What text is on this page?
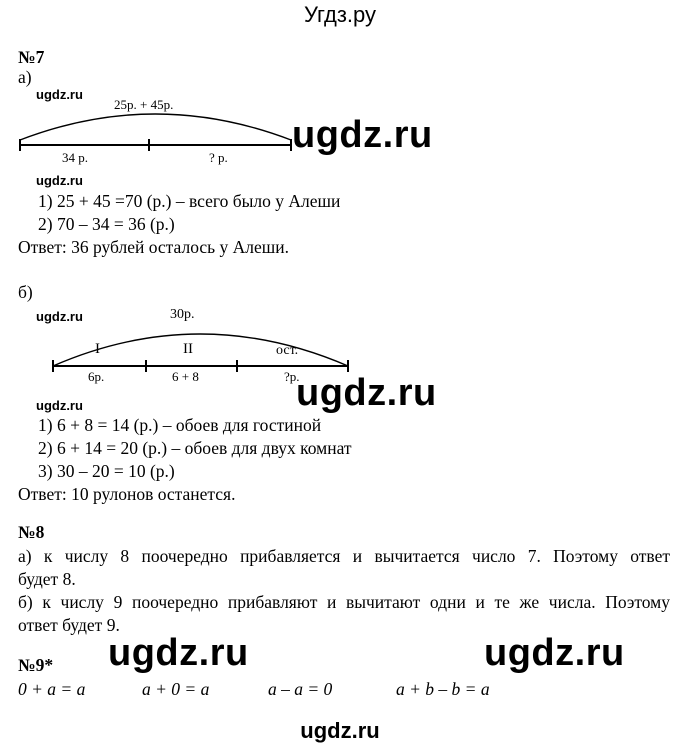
Угдз.ру
№7
а)
ugdz.ru
25р. + 45р.
34 р.	? р.
ugdz.ru
ugdz.ru
1) 25 + 45 =70 (р.) – всего было у Алеши
2) 70 – 34 = 36 (р.)
Ответ: 36 рублей осталось у Алеши.
б)
ugdz.ru	30р.
I	II	ост.
6р.	6 + 8	?р.
ugdz.ru
ugdz.ru
1) 6 + 8 = 14 (р.) – обоев для гостиной
2) 6 + 14 = 20 (р.) – обоев для двух комнат
3) 30 – 20 = 10 (р.)
Ответ: 10 рулонов останется.
№8
а) к числу 8 поочередно прибавляется и вычитается число 7. Поэтому ответ
будет 8.
б) к числу 9 поочередно прибавляют и вычитают одни и те же числа. Поэтому
ответ будет 9.
№9* ugdz.ru	ugdz.ru
0 + a = a	a + 0 = a	a – a = 0	a + b – b = a
ugdz.ru
